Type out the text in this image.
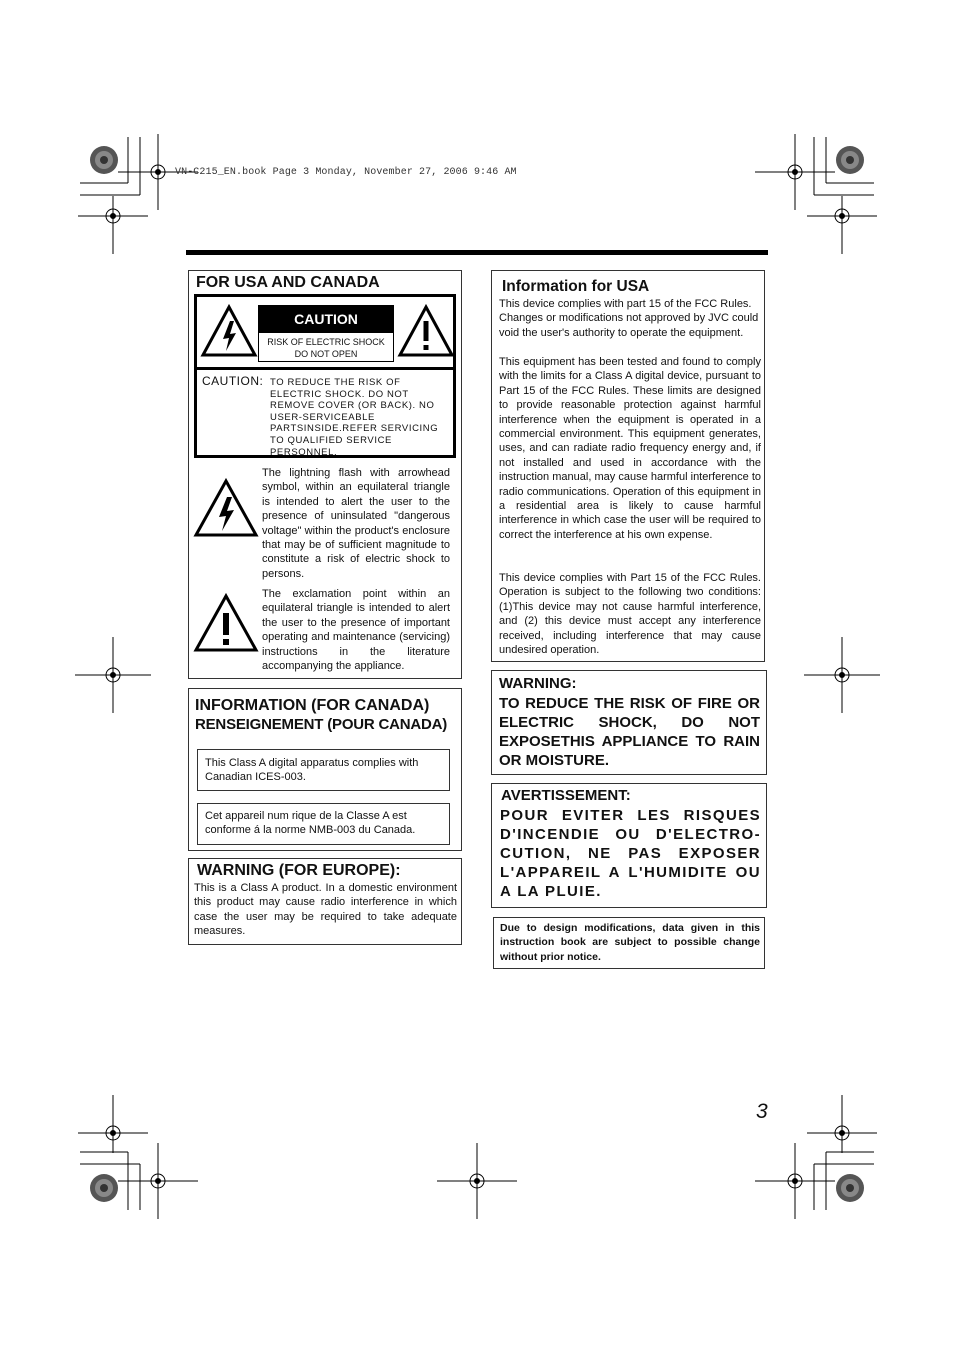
VN-C215_EN.book Page 3 Monday, November 27, 2006 9:46 AM
FOR USA AND CANADA
CAUTION
RISK OF ELECTRIC SHOCK
DO NOT OPEN
CAUTION: TO REDUCE THE RISK OF
ELECTRIC SHOCK. DO NOT
REMOVE COVER (OR BACK). NO
USER-SERVICEABLE
PARTSINSIDE.REFER SERVICING
TO QUALIFIED SERVICE
PERSONNEL.
The lightning flash with arrowhead symbol, within an equilateral triangle is intended to alert the user to the presence of uninsulated "dangerous voltage" within the product's enclosure that may be of sufficient magnitude to constitute a risk of electric shock to persons.
The exclamation point within an equilateral triangle is intended to alert the user to the presence of important operating and maintenance (servicing) instructions in the literature accompanying the appliance.
INFORMATION (FOR CANADA)
RENSEIGNEMENT (POUR CANADA)
This Class A digital apparatus complies with Canadian ICES-003.
Cet appareil num rique de la Classe A est conforme á la norme NMB-003 du Canada.
WARNING (FOR EUROPE):
This is a Class A product. In a domestic environment this product may cause radio interference in which case the user may be required to take adequate measures.
Information for USA
This device complies with part 15 of the FCC Rules. Changes or modifications not approved by JVC could void the user's authority to operate the equipment.
This equipment has been tested and found to comply with the limits for a Class A digital device, pursuant to Part 15 of the FCC Rules. These limits are designed to provide reasonable protection against harmful interference when the equipment is operated in a commercial environment. This equipment generates, uses, and can radiate radio frequency energy and, if not installed and used in accordance with the instruction manual, may cause harmful interference to radio communications. Operation of this equipment in a residential area is likely to cause harmful interference in which case the user will be required to correct the interference at his own expense.
This device complies with Part 15 of the FCC Rules. Operation is subject to the following two conditions: (1)This device may not cause harmful interference, and (2) this device must accept any interference received, including interference that may cause undesired operation.
WARNING:
TO REDUCE THE RISK OF FIRE OR ELECTRIC SHOCK, DO NOT EXPOSETHIS APPLIANCE TO RAIN OR MOISTURE.
AVERTISSEMENT:
POUR EVITER LES RISQUES D'INCENDIE OU D'ELECTRO-CUTION, NE PAS EXPOSER L'APPAREIL A L'HUMIDITE OU A LA PLUIE.
Due to design modifications, data given in this instruction book are subject to possible change without prior notice.
3
